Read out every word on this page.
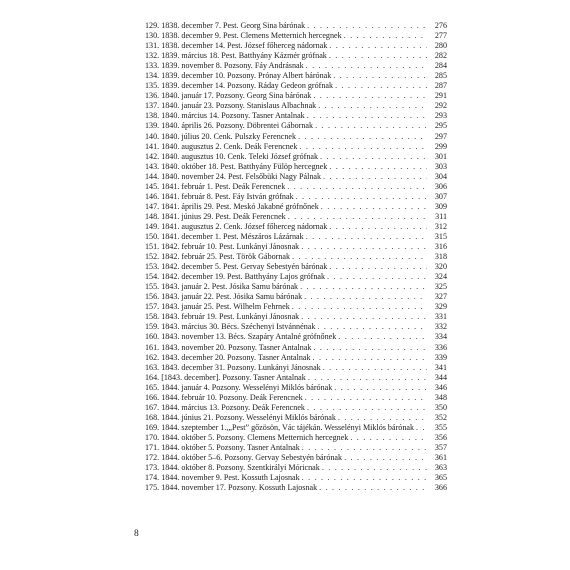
129. 1838. december 7. Pest. Georg Sina bárónak . . .	276
130. 1838. december 9. Pest. Clemens Metternich hercegnek . . .	277
131. 1838. december 14. Pest. József főherceg nádornak . . .	280
132. 1839. március 18. Pest. Batthyány Kázmér grófnak . . .	282
133. 1839. november 8. Pozsony. Fáy Andrásnak . . .	284
134. 1839. december 10. Pozsony. Prónay Albert bárónak . . .	285
135. 1839. december 14. Pozsony. Ráday Gedeon grófnak . . .	287
136. 1840. január 17. Pozsony. Georg Sina bárónak . . .	291
137. 1840. január 23. Pozsony. Stanislaus Albachnak . . .	292
138. 1840. március 14. Pozsony. Tasner Antalnak . . .	293
139. 1840. április 26. Pozsony. Döbrentei Gábornak . . .	295
140. 1840. július 20. Cenk. Pulszky Ferencnek . . .	297
141. 1840. augusztus 2. Cenk. Deák Ferencnek . . .	299
142. 1840. augusztus 10. Cenk. Teleki József grófnak . . .	301
143. 1840. október 18. Pest. Batthyány Fülöp hercegnek . . .	303
144. 1840. november 24. Pest. Felsőbüki Nagy Pálnak . . .	304
145. 1841. február 1. Pest. Deák Ferencnek . . .	306
146. 1841. február 8. Pest. Fáy István grófnak . . .	307
147. 1841. április 29. Pest. Meskó Jakabné grófnőnek . . .	309
148. 1841. június 29. Pest. Deák Ferencnek . . .	311
149. 1841. augusztus 2. Cenk. József főherceg nádornak . . .	312
150. 1841. december 1. Pest. Mészáros Lázárnak . . .	315
151. 1842. február 10. Pest. Lunkányi Jánosnak . . .	316
152. 1842. február 25. Pest. Török Gábornak . . .	318
153. 1842. december 5. Pest. Gervay Sebestyén bárónak . . .	320
154. 1842. december 19. Pest. Batthyány Lajos grófnak . . .	324
155. 1843. január 2. Pest. Jósika Samu bárónak . . .	325
156. 1843. január 22. Pest. Jósika Samu bárónak . . .	327
157. 1843. január 25. Pest. Wilhelm Fehrnek . . .	329
158. 1843. február 19. Pest. Lunkányi Jánosnak . . .	331
159. 1843. március 30. Bécs. Széchenyi Istvánnénak . . .	332
160. 1843. november 13. Bécs. Szapáry Antalné grófnőnek . . .	334
161. 1843. november 20. Pozsony. Tasner Antalnak . . .	336
162. 1843. december 20. Pozsony. Tasner Antalnak . . .	339
163. 1843. december 31. Pozsony. Lunkányi Jánosnak . . .	341
164. [1843. december]. Pozsony. Tasner Antalnak . . .	344
165. 1844. január 4. Pozsony. Wesselényi Miklós bárónak . . .	346
166. 1844. február 10. Pozsony. Deák Ferencnek . . .	348
167. 1844. március 13. Pozsony. Deák Ferencnek . . .	350
168. 1844. június 21. Pozsony. Wesselényi Miklós bárónak . . .	352
169. 1844. szeptember 1.,„Pest” gőzösön, Vác tájékán. Wesselényi Miklós bárónak . . .	355
170. 1844. október 5. Pozsony. Clemens Metternich hercegnek . . .	356
171. 1844. október 5. Pozsony. Tasner Antalnak . . .	357
172. 1844. október 5–6. Pozsony. Gervay Sebestyén bárónak . . .	361
173. 1844. október 8. Pozsony. Szentkirályi Móricnak . . .	363
174. 1844. november 9. Pest. Kossuth Lajosnak . . .	365
175. 1844. november 17. Pozsony. Kossuth Lajosnak . . .	366
8
